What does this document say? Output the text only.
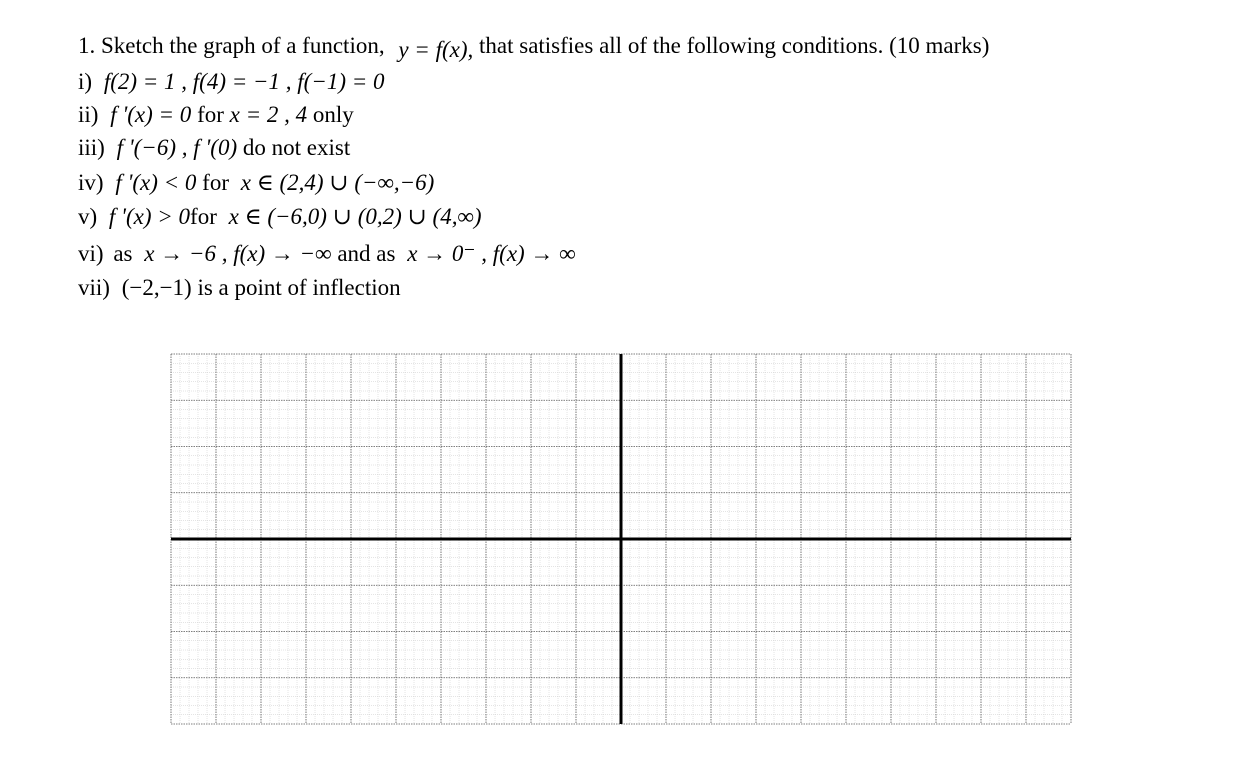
1. Sketch the graph of a function, y = f(x), that satisfies all of the following conditions. (10 marks)
i) f(2) = 1 , f(4) = −1 , f(−1) = 0
ii) f '(x) = 0 for x = 2 , 4 only
iii) f '(−6) , f '(0) do not exist
iv) f '(x) < 0 for x ∈ (2,4) ∪ (−∞,−6)
v) f '(x) > 0for x ∈ (−6,0) ∪ (0,2) ∪ (4,∞)
vi) as x → −6 , f(x) → −∞ and as x → 0⁻ , f(x) → ∞
vii) (−2,−1) is a point of inflection
